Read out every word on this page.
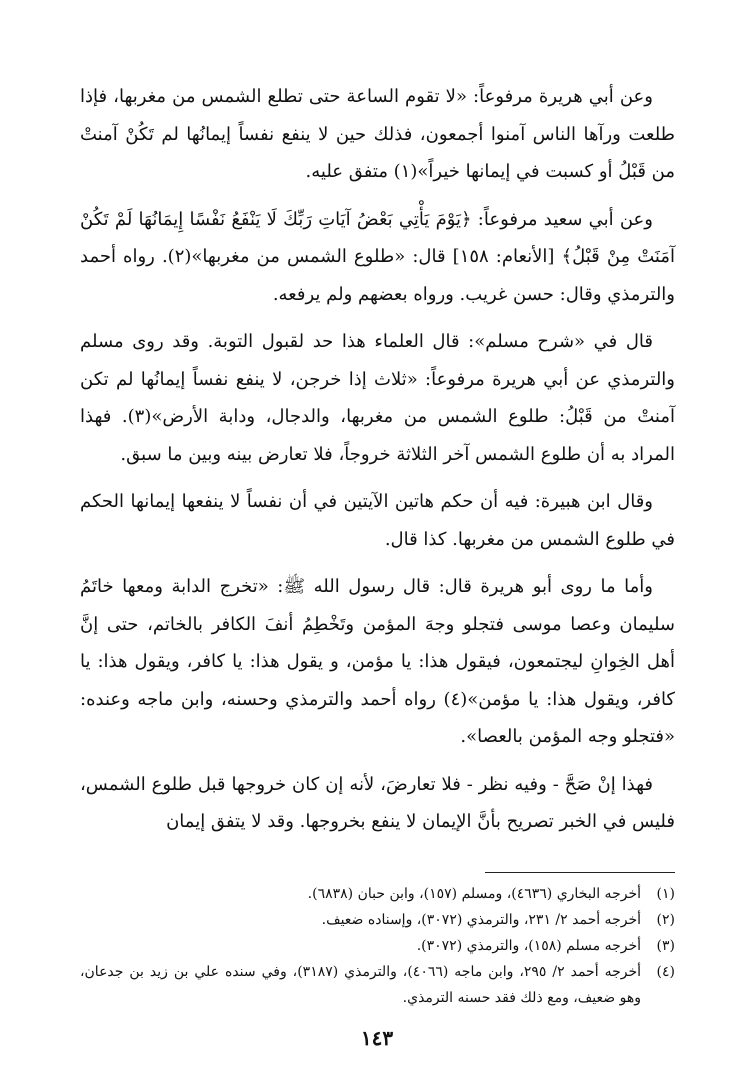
وعن أبي هريرة مرفوعاً: «لا تقوم الساعة حتى تطلع الشمس من مغربها، فإذا طلعت ورآها الناس آمنوا أجمعون، فذلك حين لا ينفع نفساً إيمانُها لم تَكُنْ آمنتْ من قَبْلُ أو كسبت في إيمانها خيراً»(١) متفق عليه.

وعن أبي سعيد مرفوعاً: ﴿يَوْمَ يَأْتِي بَعْضُ آيَاتِ رَبِّكَ لَا يَنْفَعُ نَفْسًا إِيمَانُهَا لَمْ تَكُنْ آمَنَتْ مِنْ قَبْلُ﴾ [الأنعام: ١٥٨] قال: «طلوع الشمس من مغربها»(٢). رواه أحمد والترمذي وقال: حسن غريب. ورواه بعضهم ولم يرفعه.

قال في «شرح مسلم»: قال العلماء هذا حد لقبول التوبة. وقد روى مسلم والترمذي عن أبي هريرة مرفوعاً: «ثلاث إذا خرجن، لا ينفع نفساً إيمانُها لم تكن آمنتْ من قَبْلُ: طلوع الشمس من مغربها، والدجال، ودابة الأرض»(٣). فهذا المراد به أن طلوع الشمس آخر الثلاثة خروجاً، فلا تعارض بينه وبين ما سبق.

وقال ابن هبيرة: فيه أن حكم هاتين الآيتين في أن نفساً لا ينفعها إيمانها الحكم في طلوع الشمس من مغربها. كذا قال.

وأما ما روى أبو هريرة قال: قال رسول الله ﷺ: «تخرج الدابة ومعها خاتَمُ سليمان وعصا موسى فتجلو وجهَ المؤمن وتَخْطِمُ أنفَ الكافر بالخاتم، حتى إنَّ أهل الخِوانِ ليجتمعون، فيقول هذا: يا مؤمن، و يقول هذا: يا كافر، ويقول هذا: يا كافر، ويقول هذا: يا مؤمن»(٤) رواه أحمد والترمذي وحسنه، وابن ماجه وعنده: «فتجلو وجه المؤمن بالعصا».

فهذا إنْ صَحَّ - وفيه نظر - فلا تعارضَ، لأنه إن كان خروجها قبل طلوع الشمس، فليس في الخبر تصريح بأنَّ الإيمان لا ينفع بخروجها. وقد لا يتفق إيمان

(١)
أخرجه البخاري (٤٦٣٦)، ومسلم (١٥٧)، وابن حبان (٦٨٣٨).
(٢)
أخرجه أحمد ٢/ ٢٣١، والترمذي (٣٠٧٢)، وإسناده ضعيف.
(٣)
أخرجه مسلم (١٥٨)، والترمذي (٣٠٧٢).
(٤)
أخرجه أحمد ٢/ ٢٩٥، وابن ماجه (٤٠٦٦)، والترمذي (٣١٨٧)، وفي سنده علي بن زيد بن جدعان، وهو ضعيف، ومع ذلك فقد حسنه الترمذي.
١٤٣
